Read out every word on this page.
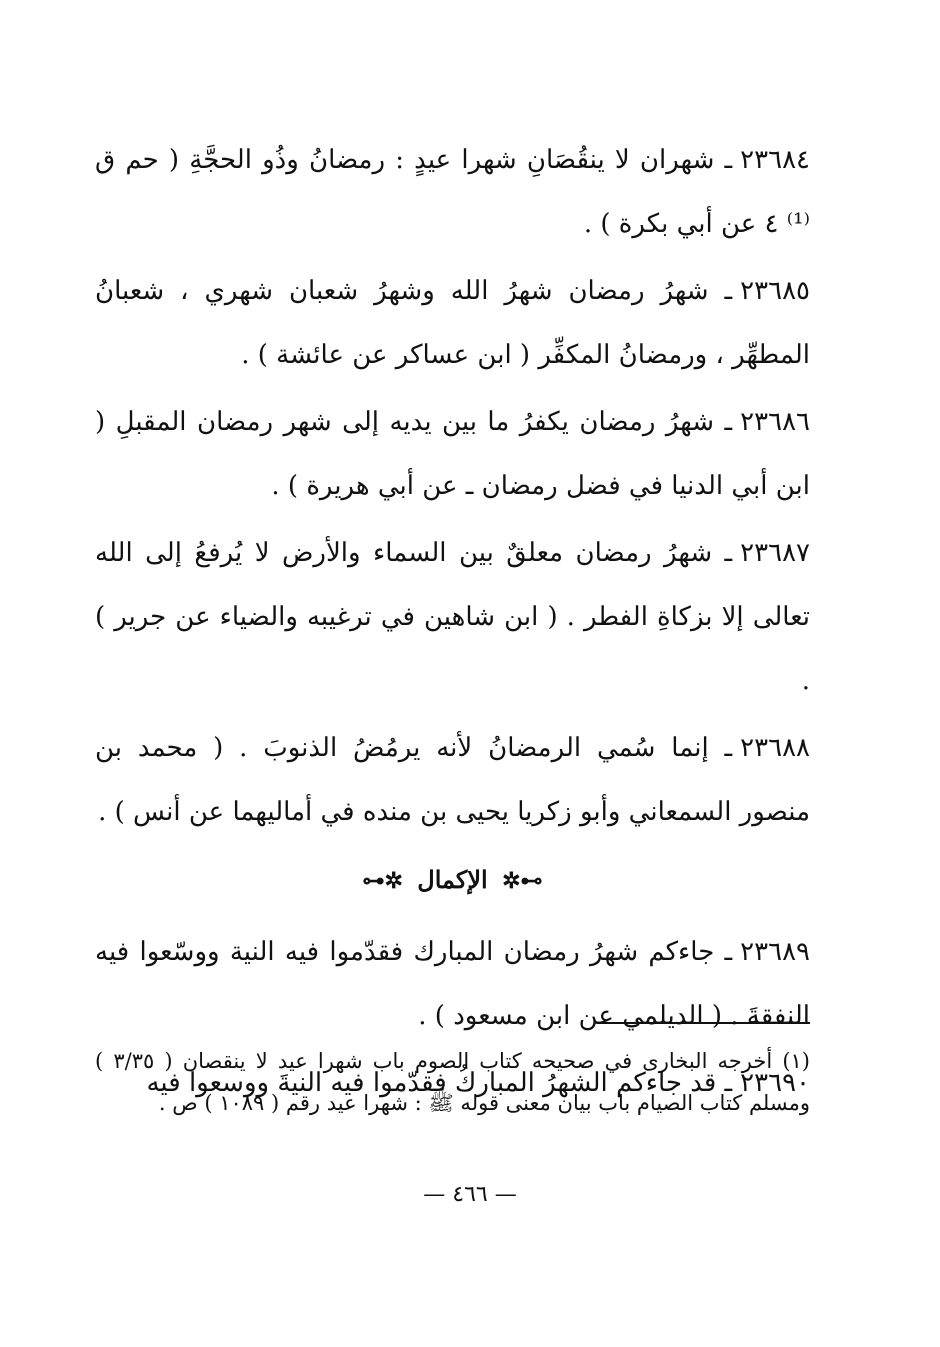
٢٣٦٨٤ـ شهران لا ينقُصَانِ شهرا عيدٍ : رمضانُ وذُو الحجَّةِ ( حم ق ⁽¹⁾ ٤ عن أبي بكرة ) .

٢٣٦٨٥ـ شهرُ رمضان شهرُ الله وشهرُ شعبان شهري ، شعبانُ المطهِّر ، ورمضانُ المكفِّر ( ابن عساكر عن عائشة ) .

٢٣٦٨٦ـ شهرُ رمضان يكفرُ ما بين يديه إلى شهر رمضان المقبلِ ( ابن أبي الدنيا في فضل رمضان ـ عن أبي هريرة ) .

٢٣٦٨٧ـ شهرُ رمضان معلقٌ بين السماء والأرض لا يُرفعُ إلى الله تعالى إلا بزكاةِ الفطر . ( ابن شاهين في ترغيبه والضياء عن جرير ) .

٢٣٦٨٨ـ إنما سُمي الرمضانُ لأنه يرمُضُ الذنوبَ . ( محمد بن منصور السمعاني وأبو زكريا يحيى بن منده في أماليهما عن أنس ) .

⊶✲ الإكمال ✲⊷

٢٣٦٨٩ـ جاءكم شهرُ رمضان المبارك فقدّموا فيه النية ووسّعوا فيه النفقةَ . ( الديلمي عن ابن مسعود ) .

٢٣٦٩٠ـ قد جاءكم الشهرُ المباركُ فقدّموا فيه النيةَ ووسعوا فيه

(١) أخرجه البخارى في صحيحه كتاب الصوم باب شهرا عيد لا ينقصان ( ٣/٣٥ ) ومسلم كتاب الصيام باب بيان معنى قوله ﷺ : شهرا عيد رقم ( ١٠٨٩ ) ص .
— ٤٦٦ —
